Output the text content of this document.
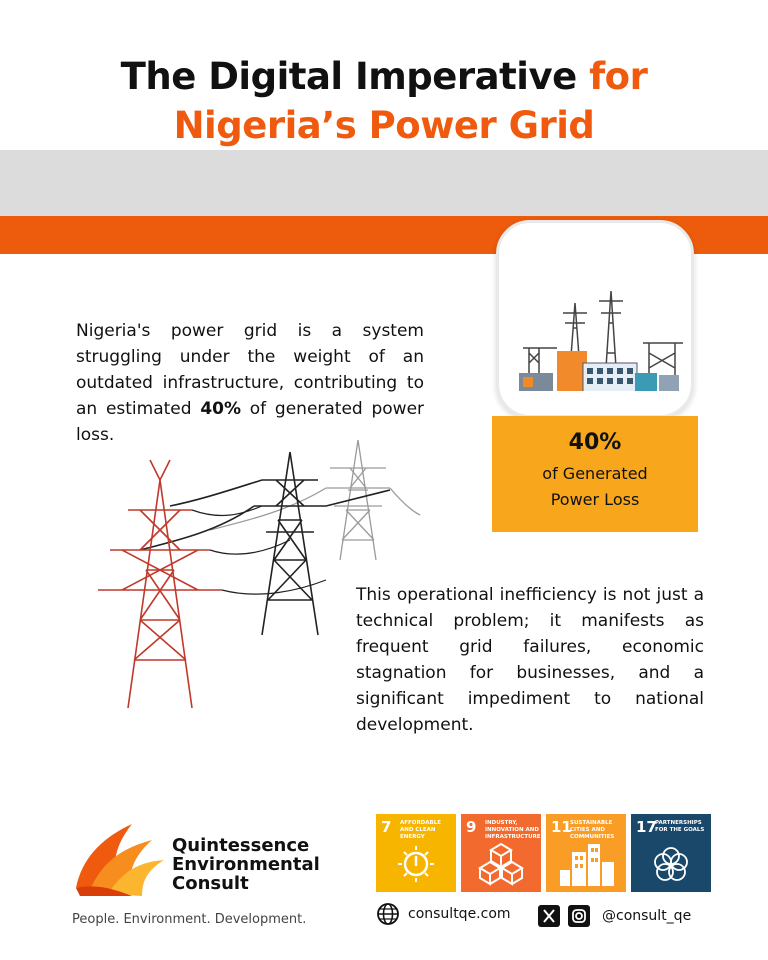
The Digital Imperative for
Nigeria’s Power Grid
40%
of Generated Power Loss

Nigeria's power grid is a system struggling under the weight of an outdated infrastructure, contributing to an estimated 40% of generated power loss.

This operational inefficiency is not just a technical problem; it manifests as frequent grid failures, economic stagnation for businesses, and a significant impediment to national development.

Quintessence
Environmental
Consult
People. Environment. Development.
7 AFFORDABLE AND CLEAN ENERGY
9 INDUSTRY, INNOVATION AND INFRASTRUCTURE
11
SUSTAINABLE CITIES AND COMMUNITIES
17
PARTNERSHIPS FOR THE GOALS
consultqe.com	@consult_qe
